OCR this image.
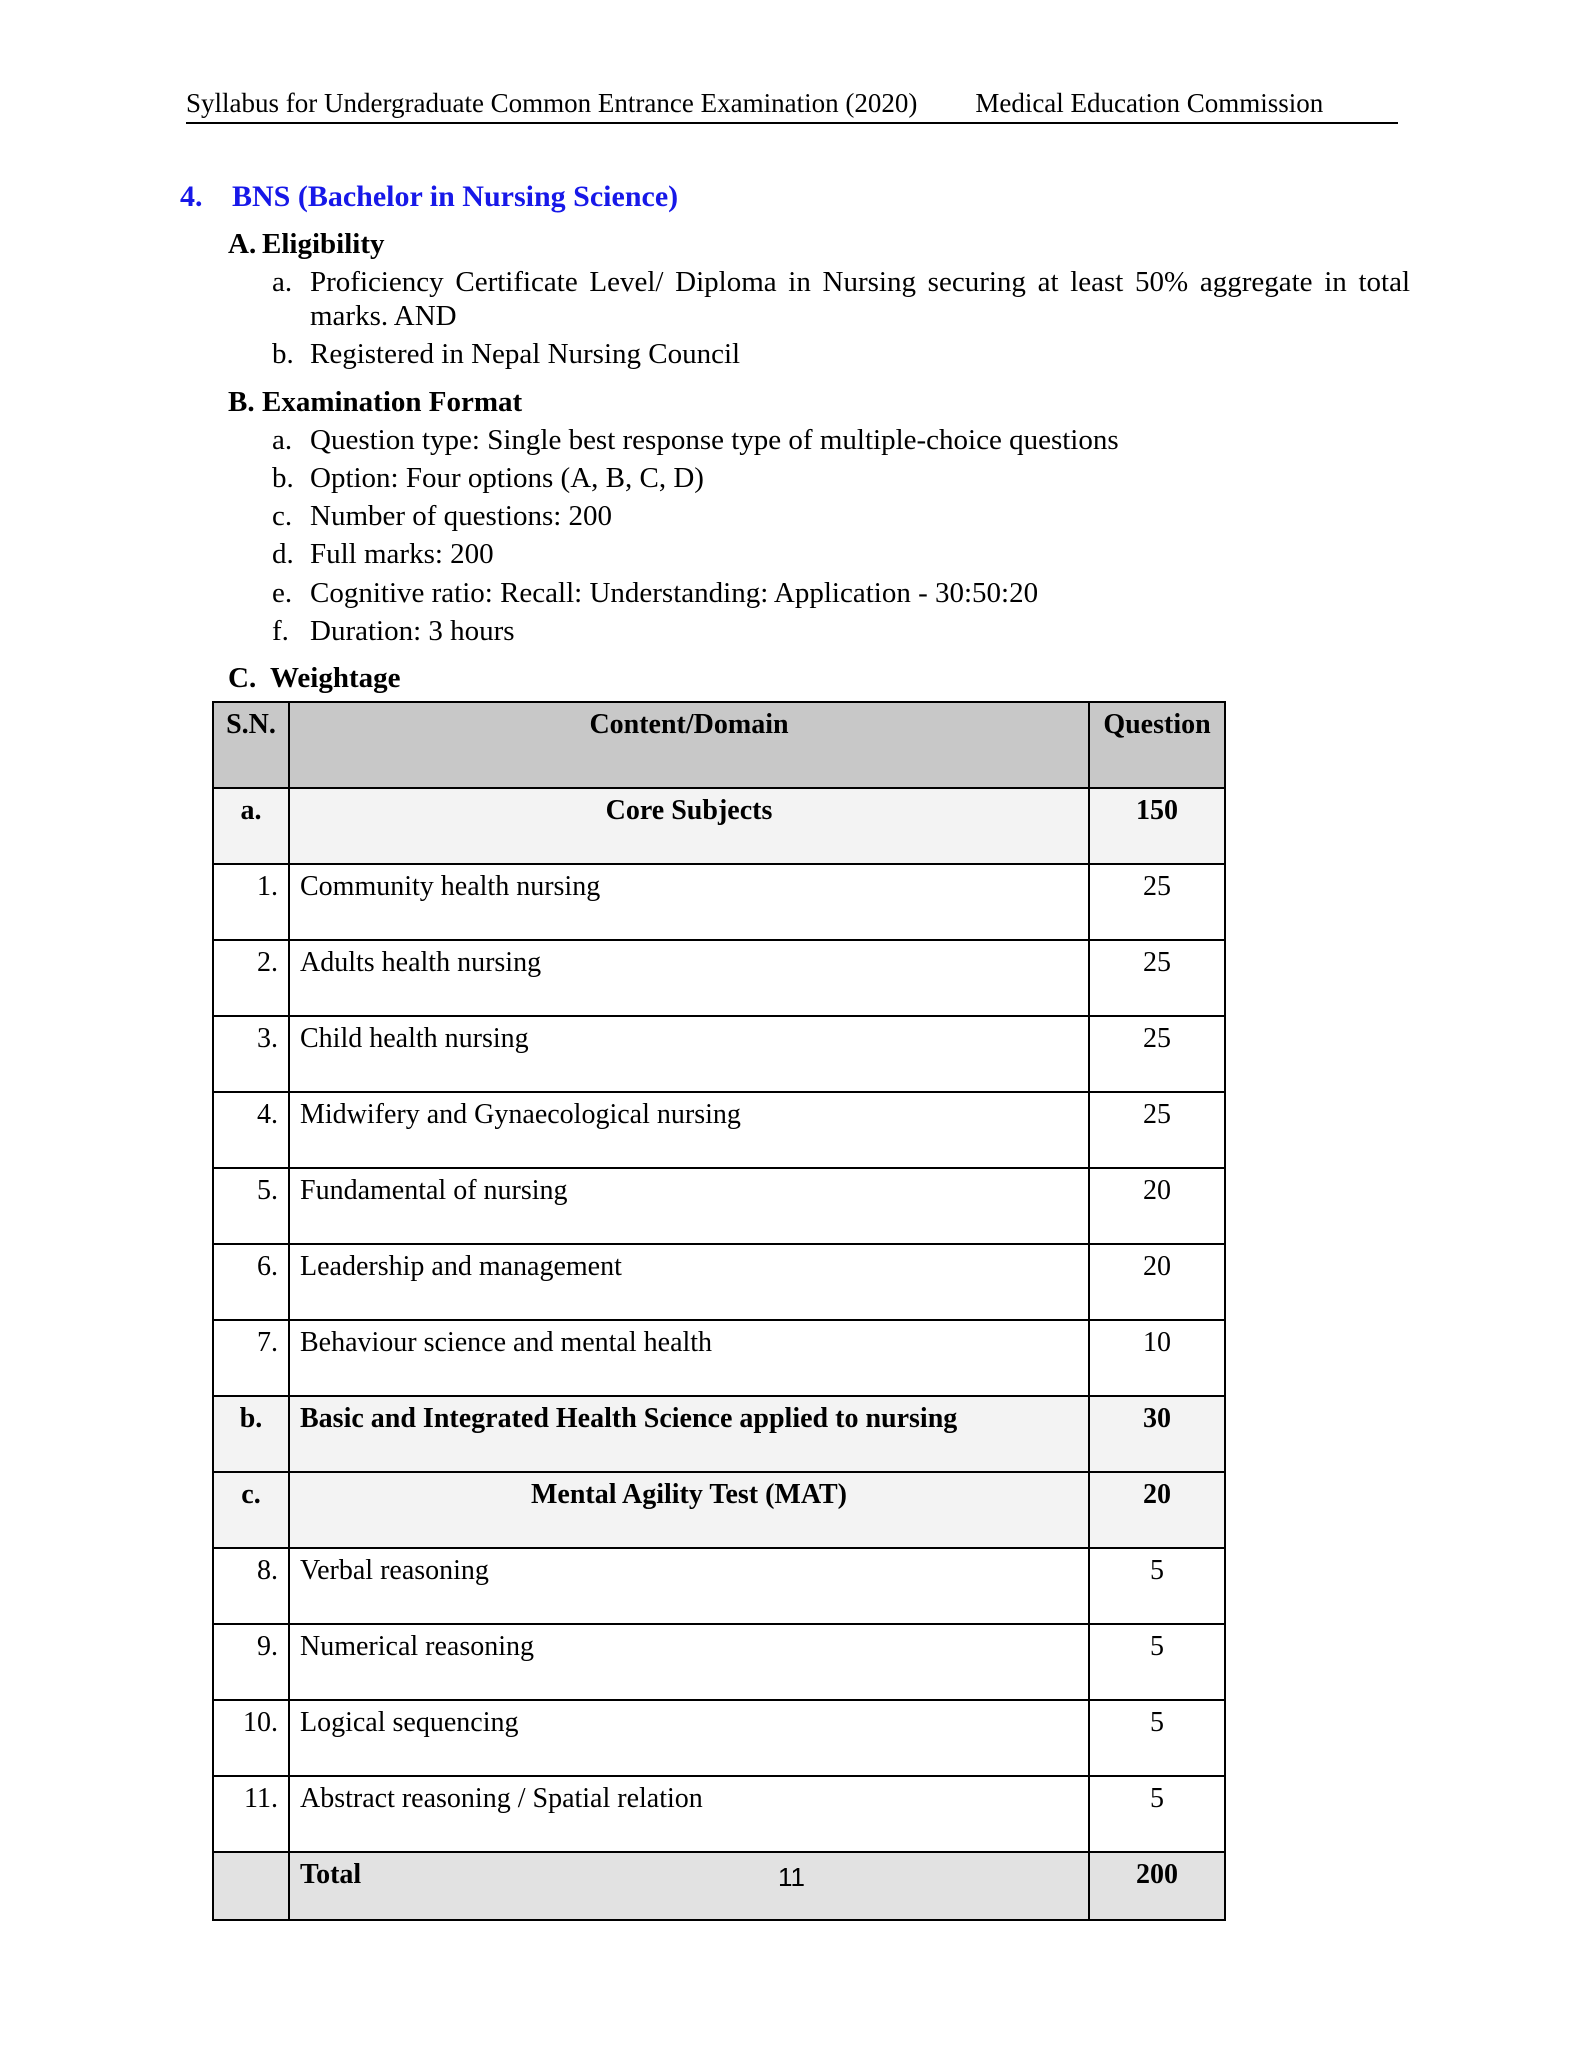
Syllabus for Undergraduate Common Entrance Examination (2020) Medical Education Commission
4. BNS (Bachelor in Nursing Science)
A. Eligibility
a. Proficiency Certificate Level/ Diploma in Nursing securing at least 50% aggregate in total marks. AND
b. Registered in Nepal Nursing Council
B. Examination Format
a. Question type: Single best response type of multiple-choice questions
b. Option: Four options (A, B, C, D)
c. Number of questions: 200
d. Full marks: 200
e. Cognitive ratio: Recall: Understanding: Application - 30:50:20
f. Duration: 3 hours
C. Weightage
S.N.	Content/Domain	Question
a.	Core Subjects	150
1.	Community health nursing	25
2.	Adults health nursing	25
3.	Child health nursing	25
4.	Midwifery and Gynaecological nursing	25
5.	Fundamental of nursing	20
6.	Leadership and management	20
7.	Behaviour science and mental health	10
b.	Basic and Integrated Health Science applied to nursing	30
c.	Mental Agility Test (MAT)	20
8.	Verbal reasoning	5
9.	Numerical reasoning	5
10.	Logical sequencing	5
11.	Abstract reasoning / Spatial relation	5
	Total	200
11
